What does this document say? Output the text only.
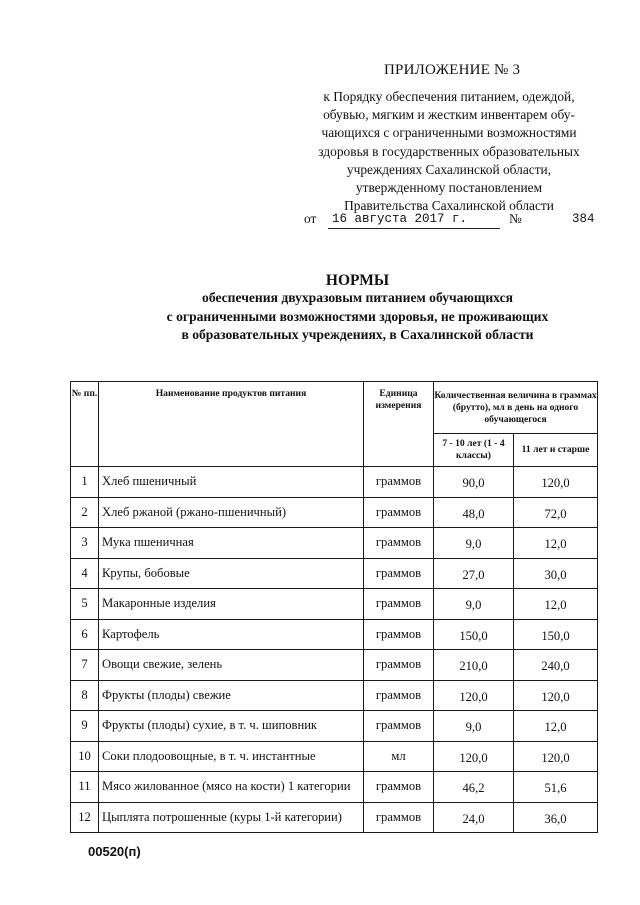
ПРИЛОЖЕНИЕ № 3
к Порядку обеспечения питанием, одеждой,
обувью, мягким и жестким инвентарем обу-
чающихся с ограниченными возможностями
здоровья в государственных образовательных
учреждениях Сахалинской области,
утвержденному постановлением
Правительства Сахалинской области
от	16 августа 2017 г.	№	384
НОРМЫ
обеспечения двухразовым питанием обучающихся
с ограниченными возможностями здоровья, не проживающих
в образовательных учреждениях, в Сахалинской области
№ пп.	Наименование продуктов питания	Единица измерения	Количественная величина в граммах (брутто), мл в день на одного обучающегося	
			7 - 10 лет (1 - 4 классы)	11 лет и старше
1	Хлеб пшеничный	граммов	90,0	120,0
2	Хлеб ржаной (ржано-пшеничный)	граммов	48,0	72,0
3	Мука пшеничная	граммов	9,0	12,0
4	Крупы, бобовые	граммов	27,0	30,0
5	Макаронные изделия	граммов	9,0	12,0
6	Картофель	граммов	150,0	150,0
7	Овощи свежие, зелень	граммов	210,0	240,0
8	Фрукты (плоды) свежие	граммов	120,0	120,0
9	Фрукты (плоды) сухие, в т. ч. шиповник	граммов	9,0	12,0
10	Соки плодоовощные, в т. ч. инстантные	мл	120,0	120,0
11	Мясо жилованное (мясо на кости) 1 категории	граммов	46,2	51,6
12	Цыплята потрошенные (куры 1-й категории)	граммов	24,0	36,0
00520(п)
